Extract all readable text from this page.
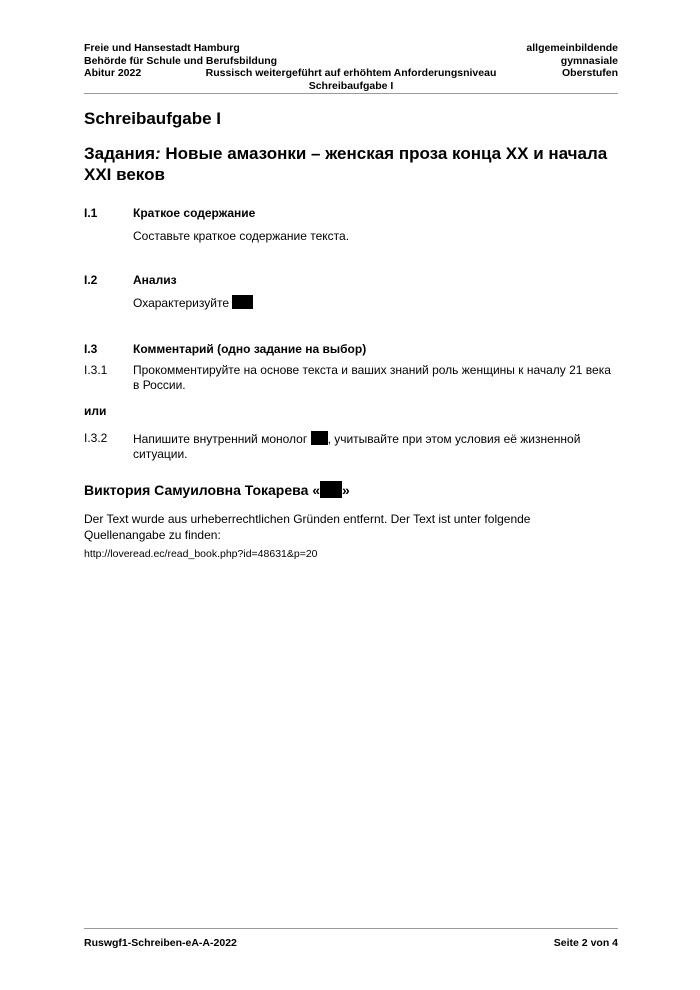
Freie und Hansestadt Hamburg	allgemeinbildende
Behörde für Schule und Berufsbildung	gymnasiale
Abitur 2022	Russisch weitergeführt auf erhöhtem Anforderungsniveau	Oberstufen
Schreibaufgabe I
Schreibaufgabe I
Задания: Новые амазонки – женская проза конца XX и начала XXI веков
I.1	Краткое содержание
Составьте краткое содержание текста.
I.2	Анализ
Охарактеризуйте
I.3	Комментарий (одно задание на выбор)
I.3.1 Прокомментируйте на основе текста и ваших знаний роль женщины к началу 21 века в России.
или
I.3.2 Напишите внутренний монолог , учитывайте при этом условия её жизненной ситуации.
Виктория Самуиловна Токарева « »
Der Text wurde aus urheberrechtlichen Gründen entfernt. Der Text ist unter folgende Quellenangabe zu finden:
http://loveread.ec/read_book.php?id=48631&p=20
Ruswgf1-Schreiben-eA-A-2022	Seite 2 von 4
